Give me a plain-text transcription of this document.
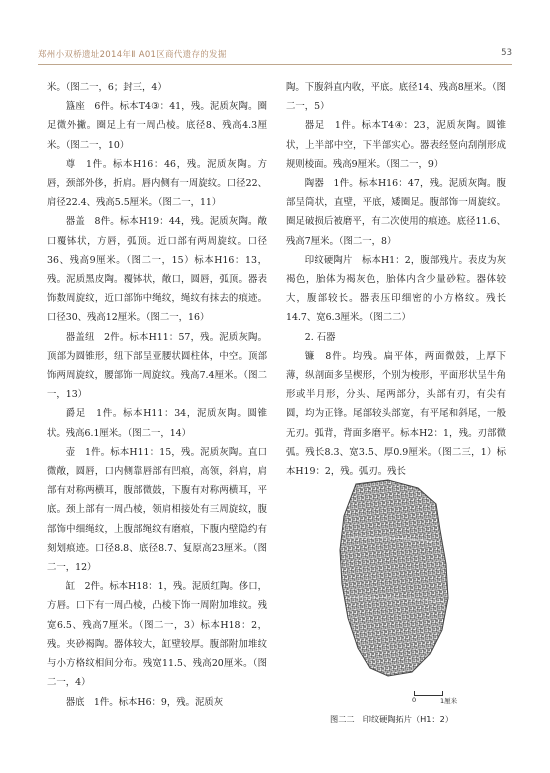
郑州小双桥遗址2014年Ⅱ A01区商代遗存的发掘	53

米。（图二一，6；封三，4）

簋座　6件。标本T4③：41，残。泥质灰陶。圈足微外撇。圈足上有一周凸棱。底径8、残高4.3厘米。（图二一，10）

尊　1件。标本H16：46，残。泥质灰陶。方唇，颈部外侈，折肩。唇内侧有一周旋纹。口径22、肩径22.4、残高5.5厘米。（图二一，11）

器盖　8件。标本H19：44，残。泥质灰陶。敞口覆钵状，方唇，弧顶。近口部有两周旋纹。口径36、残高9厘米。（图二一，15）标本H16：13，残。泥质黑皮陶。覆钵状，敞口，圆唇，弧顶。器表饰数周旋纹，近口部饰中绳纹，绳纹有抹去的痕迹。口径30、残高12厘米。（图二一，16）

器盖纽　2件。标本H11：57，残。泥质灰陶。顶部为圆锥形，纽下部呈亚腰状圆柱体，中空。顶部饰两周旋纹，腰部饰一周旋纹。残高7.4厘米。（图二一，13）

爵足　1件。标本H11：34，泥质灰陶。圆锥状。残高6.1厘米。（图二一，14）

壶　1件。标本H11：15，残。泥质灰陶。直口微敞，圆唇，口内侧靠唇部有凹痕，高领，斜肩，肩部有对称两横耳，腹部微鼓，下腹有对称两横耳，平底。颈上部有一周凸棱，领肩相接处有三周旋纹，腹部饰中细绳纹，上腹部绳纹有磨痕，下腹内壁隐约有刻划痕迹。口径8.8、底径8.7、复原高23厘米。（图二一，12）

缸　2件。标本H18：1，残。泥质红陶。侈口，方唇。口下有一周凸棱，凸棱下饰一周附加堆纹。残宽6.5、残高7厘米。（图二一，3）标本H18：2，残。夹砂褐陶。器体较大，缸壁较厚。腹部附加堆纹与小方格纹相间分布。残宽11.5、残高20厘米。（图二一，4）

器底　1件。标本H6：9，残。泥质灰

陶。下腹斜直内收，平底。底径14、残高8厘米。（图二一，5）

器足　1件。标本T4④：23，泥质灰陶。圆锥状，上半部中空，下半部实心。器表经竖向刮削形成规则棱面。残高9厘米。（图二一，9）

陶器　1件。标本H16：47，残。泥质灰陶。腹部呈筒状，直壁，平底，矮圈足。腹部饰一周旋纹。圈足破损后被磨平，有二次使用的痕迹。底径11.6、残高7厘米。（图二一，8）

印纹硬陶片　标本H1：2，腹部残片。表皮为灰褐色，胎体为褐灰色，胎体内含少量砂粒。器体较大，腹部较长。器表压印细密的小方格纹。残长14.7、宽6.3厘米。（图二二）

2. 石器

镰　8件。均残。扁平体，两面微鼓，上厚下薄，纵剖面多呈楔形，个别为梭形，平面形状呈牛角形或半月形，分头、尾两部分，头部有刃，有尖有圆，均为正锋。尾部较头部宽，有平尾和斜尾，一般无刃。弧背，背面多磨平。标本H2：1，残。刃部微弧。残长8.3、宽3.5、厚0.9厘米。（图二三，1）标本H19：2，残。弧刃。残长

0	1厘米
图二二　印纹硬陶拓片（H1：2）
